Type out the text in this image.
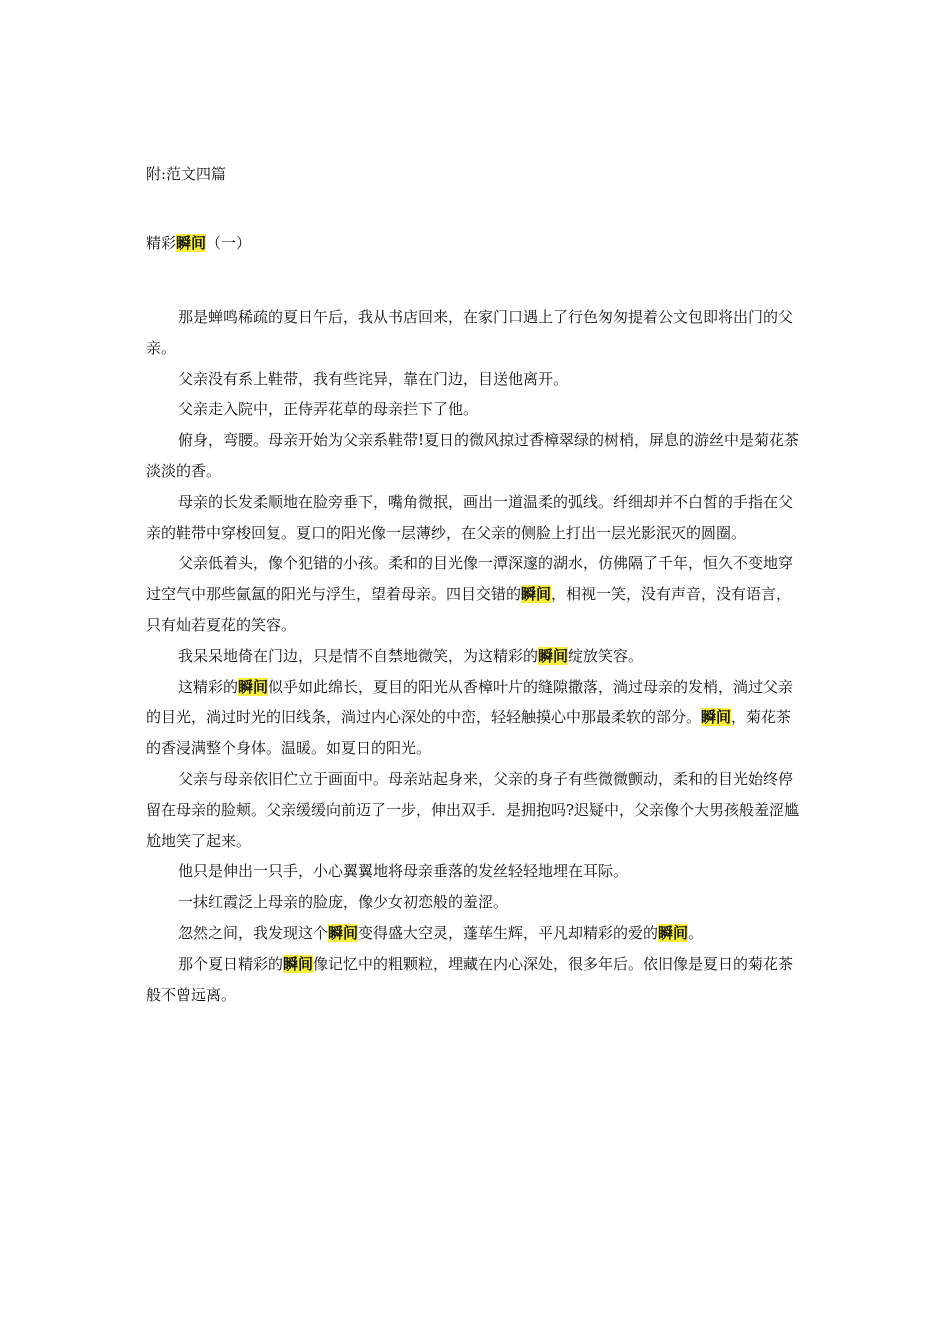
附:范文四篇
精彩瞬间（一）

那是蝉鸣稀疏的夏日午后，我从书店回来，在家门口遇上了行色匆匆提着公文包即将出门的父亲。

父亲没有系上鞋带，我有些诧异，靠在门边，目送他离开。

父亲走入院中，正侍弄花草的母亲拦下了他。

俯身，弯腰。母亲开始为父亲系鞋带!夏日的微风掠过香樟翠绿的树梢，屏息的游丝中是菊花茶淡淡的香。

母亲的长发柔顺地在脸旁垂下，嘴角微抿，画出一道温柔的弧线。纤细却并不白皙的手指在父亲的鞋带中穿梭回复。夏口的阳光像一层薄纱，在父亲的侧脸上打出一层光影泯灭的圆圈。

父亲低着头，像个犯错的小孩。柔和的目光像一潭深邃的湖水，仿佛隔了千年，恒久不变地穿过空气中那些氤氲的阳光与浮生，望着母亲。四目交错的瞬间，相视一笑，没有声音，没有语言，只有灿若夏花的笑容。

我呆呆地倚在门边，只是情不自禁地微笑，为这精彩的瞬间绽放笑容。

这精彩的瞬间似乎如此绵长，夏目的阳光从香樟叶片的缝隙撒落，淌过母亲的发梢，淌过父亲的目光，淌过时光的旧线条，淌过内心深处的中峦，轻轻触摸心中那最柔软的部分。瞬间，菊花茶的香浸满整个身体。温暖。如夏日的阳光。

父亲与母亲依旧伫立于画面中。母亲站起身来，父亲的身子有些微微颤动，柔和的目光始终停留在母亲的脸颊。父亲缓缓向前迈了一步，伸出双手．是拥抱吗?迟疑中，父亲像个大男孩般羞涩尴尬地笑了起来。

他只是伸出一只手，小心翼翼地将母亲垂落的发丝轻轻地埋在耳际。

一抹红霞泛上母亲的脸庞，像少女初恋般的羞涩。

忽然之间，我发现这个瞬间变得盛大空灵，蓬荜生辉，平凡却精彩的爱的瞬间。

那个夏日精彩的瞬间像记忆中的粗颗粒，埋藏在内心深处，很多年后。依旧像是夏日的菊花茶般不曾远离。
